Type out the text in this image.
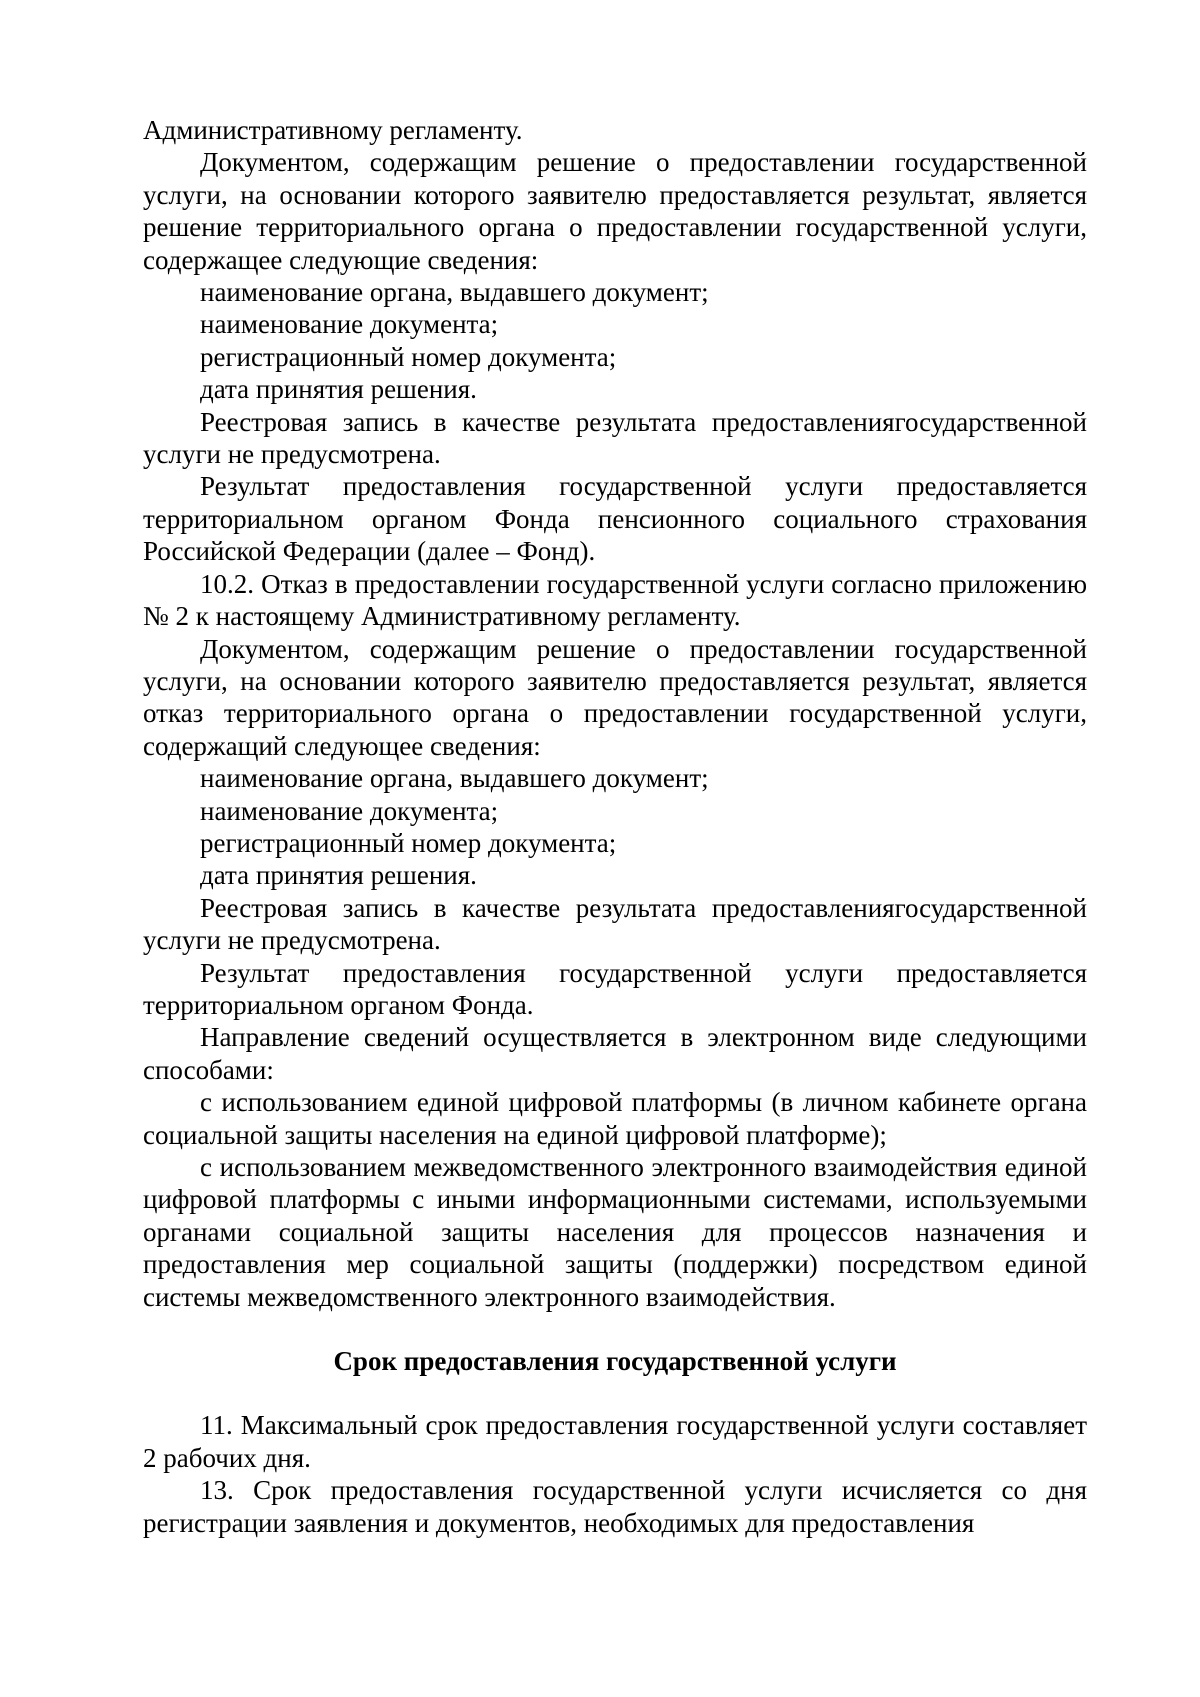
Административному регламенту.

Документом, содержащим решение о предоставлении государственной услуги, на основании которого заявителю предоставляется результат, является решение территориального органа о предоставлении государственной услуги, содержащее следующие сведения:

наименование органа, выдавшего документ;

наименование документа;

регистрационный номер документа;

дата принятия решения.

Реестровая запись в качестве результата предоставлениягосударственной услуги не предусмотрена.

Результат предоставления государственной услуги предоставляется территориальном органом Фонда пенсионного социального страхования Российской Федерации (далее – Фонд).

10.2. Отказ в предоставлении государственной услуги согласно приложению № 2 к настоящему Административному регламенту.

Документом, содержащим решение о предоставлении государственной услуги, на основании которого заявителю предоставляется результат, является отказ территориального органа о предоставлении государственной услуги, содержащий следующее сведения:

наименование органа, выдавшего документ;

наименование документа;

регистрационный номер документа;

дата принятия решения.

Реестровая запись в качестве результата предоставлениягосударственной услуги не предусмотрена.

Результат предоставления государственной услуги предоставляется территориальном органом Фонда.

Направление сведений осуществляется в электронном виде следующими способами:

с использованием единой цифровой платформы (в личном кабинете органа социальной защиты населения на единой цифровой платформе);

с использованием межведомственного электронного взаимодействия единой цифровой платформы с иными информационными системами, используемыми органами социальной защиты населения для процессов назначения и предоставления мер социальной защиты (поддержки) посредством единой системы межведомственного электронного взаимодействия.

Срок предоставления государственной услуги

11. Максимальный срок предоставления государственной услуги составляет 2 рабочих дня.

13. Срок предоставления государственной услуги исчисляется со дня регистрации заявления и документов, необходимых для предоставления
